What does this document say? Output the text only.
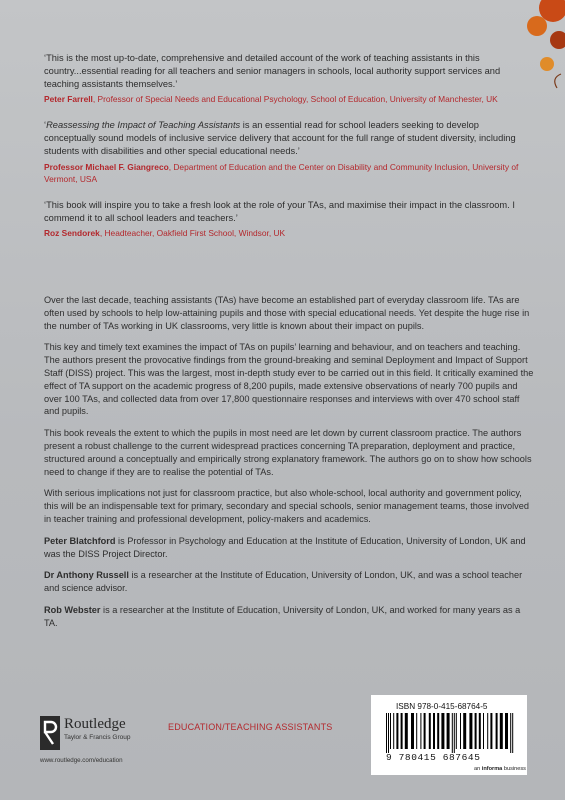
‘This is the most up-to-date, comprehensive and detailed account of the work of teaching assistants in this country...essential reading for all teachers and senior managers in schools, local authority support services and teaching assistants themselves.’

Peter Farrell, Professor of Special Needs and Educational Psychology, School of Education, University of Manchester, UK

‘Reassessing the Impact of Teaching Assistants is an essential read for school leaders seeking to develop conceptually sound models of inclusive service delivery that account for the full range of student diversity, including students with disabilities and other special educational needs.’

Professor Michael F. Giangreco, Department of Education and the Center on Disability and Community Inclusion, University of Vermont, USA

‘This book will inspire you to take a fresh look at the role of your TAs, and maximise their impact in the classroom. I commend it to all school leaders and teachers.’

Roz Sendorek, Headteacher, Oakfield First School, Windsor, UK

Over the last decade, teaching assistants (TAs) have become an established part of everyday classroom life. TAs are often used by schools to help low-attaining pupils and those with special educational needs. Yet despite the huge rise in the number of TAs working in UK classrooms, very little is known about their impact on pupils.

This key and timely text examines the impact of TAs on pupils’ learning and behaviour, and on teachers and teaching. The authors present the provocative findings from the ground-breaking and seminal Deployment and Impact of Support Staff (DISS) project. This was the largest, most in-depth study ever to be carried out in this field. It critically examined the effect of TA support on the academic progress of 8,200 pupils, made extensive observations of nearly 700 pupils and over 100 TAs, and collected data from over 17,800 questionnaire responses and interviews with over 470 school staff and pupils.

This book reveals the extent to which the pupils in most need are let down by current classroom practice. The authors present a robust challenge to the current widespread practices concerning TA preparation, deployment and practice, structured around a conceptually and empirically strong explanatory framework. The authors go on to show how schools need to change if they are to realise the potential of TAs.

With serious implications not just for classroom practice, but also whole-school, local authority and government policy, this will be an indispensable text for primary, secondary and special schools, senior management teams, those involved in teacher training and professional development, policy-makers and academics.

Peter Blatchford is Professor in Psychology and Education at the Institute of Education, University of London, UK and was the DISS Project Director.

Dr Anthony Russell is a researcher at the Institute of Education, University of London, UK, and was a school teacher and science advisor.

Rob Webster is a researcher at the Institute of Education, University of London, UK, and worked for many years as a TA.

Routledge
Taylor & Francis Group
www.routledge.com/education
EDUCATION/TEACHING ASSISTANTS
ISBN 978-0-415-68764-5
9 780415 687645
an informa business
